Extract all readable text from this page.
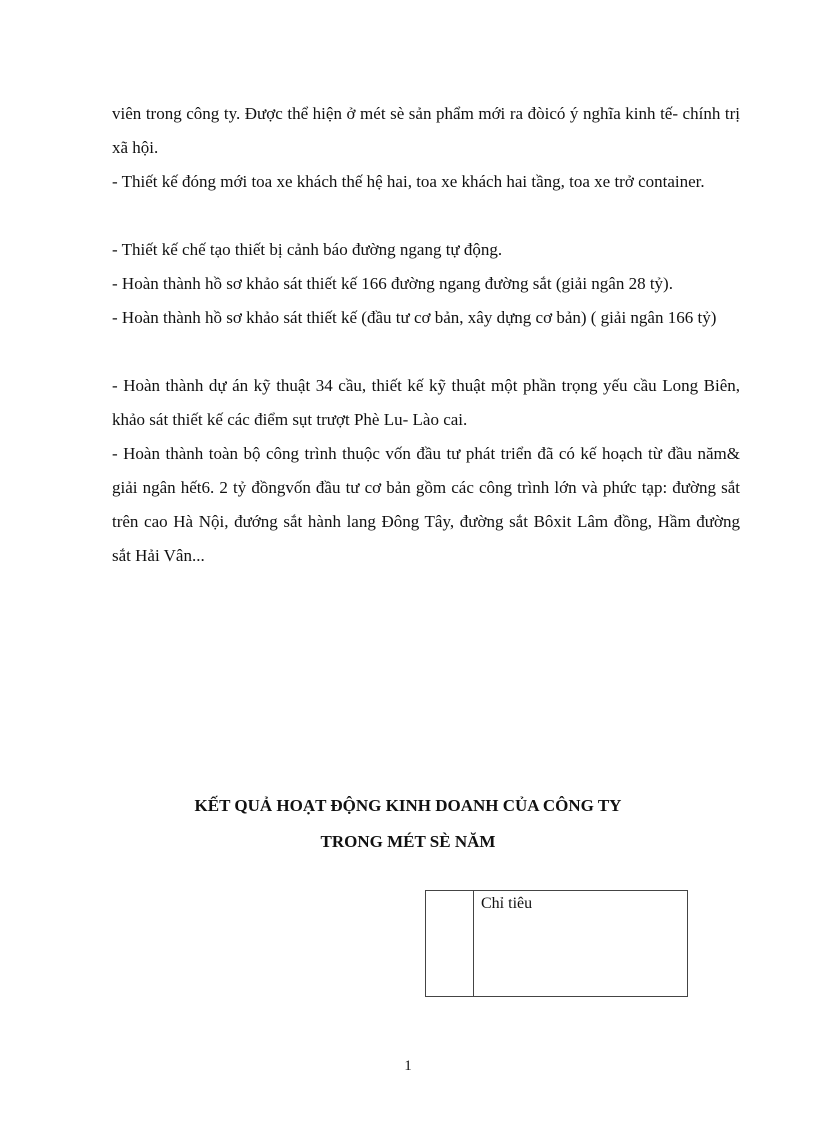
viên trong công ty. Được thể hiện ở mét sè sản phẩm mới ra đòicó ý nghĩa kinh tế- chính trị xã hội.

- Thiết kế đóng mới toa xe khách thế hệ hai, toa xe khách hai tầng, toa xe trở container.

- Thiết kế chế tạo thiết bị cảnh báo đường ngang tự động.

- Hoàn thành hồ sơ khảo sát thiết kế 166 đường ngang đường sắt (giải ngân 28 tỷ).

- Hoàn thành hồ sơ khảo sát thiết kế (đầu tư cơ bản, xây dựng cơ bản) ( giải ngân 166 tỷ)

- Hoàn thành dự án kỹ thuật 34 cầu, thiết kế kỹ thuật một phần trọng yếu cầu Long Biên, khảo sát thiết kế các điểm sụt trượt Phè Lu- Lào cai.

- Hoàn thành toàn bộ công trình thuộc vốn đầu tư phát triển đã có kế hoạch từ đầu năm& giải ngân hết6. 2 tỷ đồngvốn đầu tư cơ bản gồm các công trình lớn và phức tạp: đường sắt trên cao Hà Nội, đướng sắt hành lang Đông Tây, đường sắt Bôxit Lâm đồng, Hầm đường sắt Hải Vân...

KẾT QUẢ HOẠT ĐỘNG KINH DOANH CỦA CÔNG TY

TRONG MÉT SÈ NĂM

	Chỉ tiêu
1
